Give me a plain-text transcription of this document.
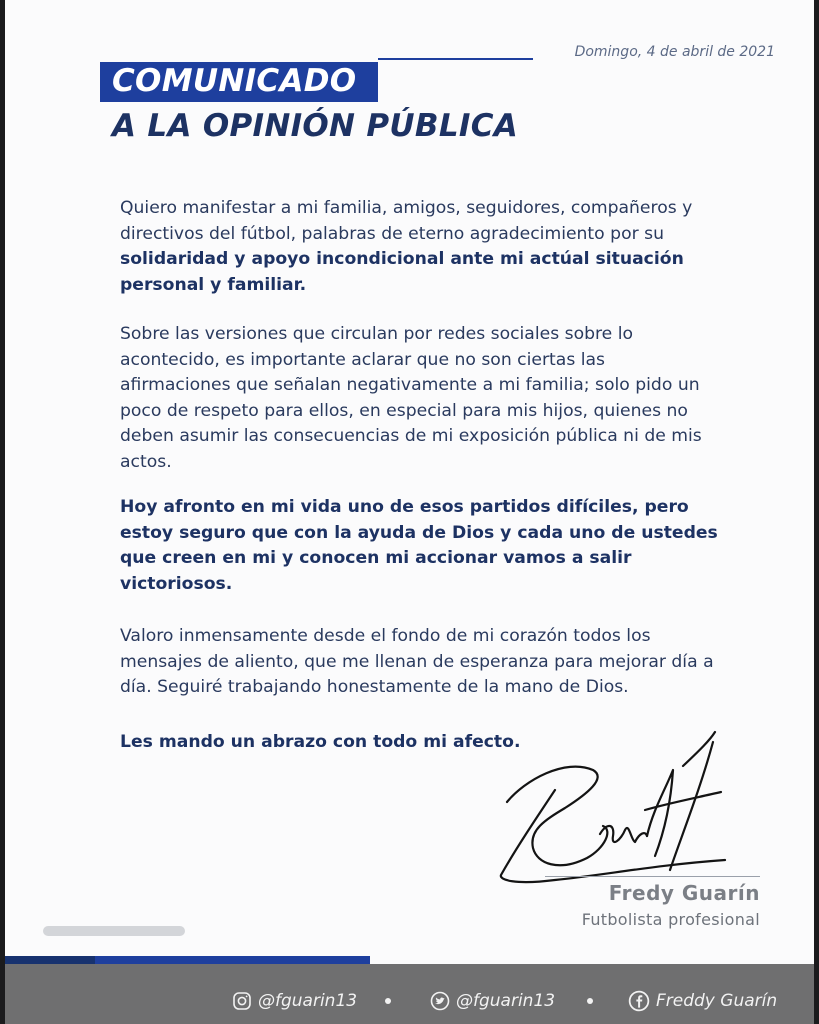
Domingo, 4 de abril de 2021
COMUNICADO
A LA OPINIÓN PÚBLICA
Quiero manifestar a mi familia, amigos, seguidores, compañeros y directivos del fútbol, palabras de eterno agradecimiento por su solidaridad y apoyo incondicional ante mi actúal situación personal y familiar.
Sobre las versiones que circulan por redes sociales sobre lo acontecido, es importante aclarar que no son ciertas las afirmaciones que señalan negativamente a mi familia; solo pido un poco de respeto para ellos, en especial para mis hijos, quienes no deben asumir las consecuencias de mi exposición pública ni de mis actos.
Hoy afronto en mi vida uno de esos partidos difíciles, pero estoy seguro que con la ayuda de Dios y cada uno de ustedes que creen en mi y conocen mi accionar vamos a salir victoriosos.
Valoro inmensamente desde el fondo de mi corazón todos los mensajes de aliento, que me llenan de esperanza para mejorar día a día. Seguiré trabajando honestamente de la mano de Dios.
Les mando un abrazo con todo mi afecto.
Fredy Guarín
Futbolista profesional
@fguarin13	@fguarin13	Freddy Guarín
